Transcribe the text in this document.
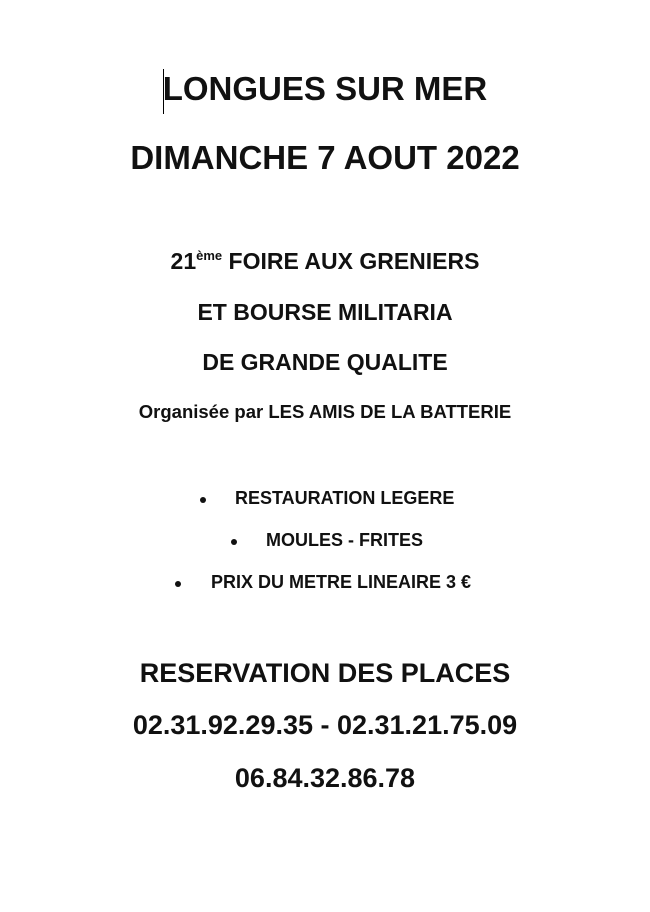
LONGUES SUR MER
DIMANCHE 7 AOUT 2022
21ème FOIRE AUX GRENIERS
ET BOURSE MILITARIA
DE GRANDE QUALITE
Organisée par LES AMIS DE LA BATTERIE
RESTAURATION LEGERE
MOULES - FRITES
PRIX DU METRE LINEAIRE 3 €
RESERVATION DES PLACES
02.31.92.29.35 - 02.31.21.75.09
06.84.32.86.78
